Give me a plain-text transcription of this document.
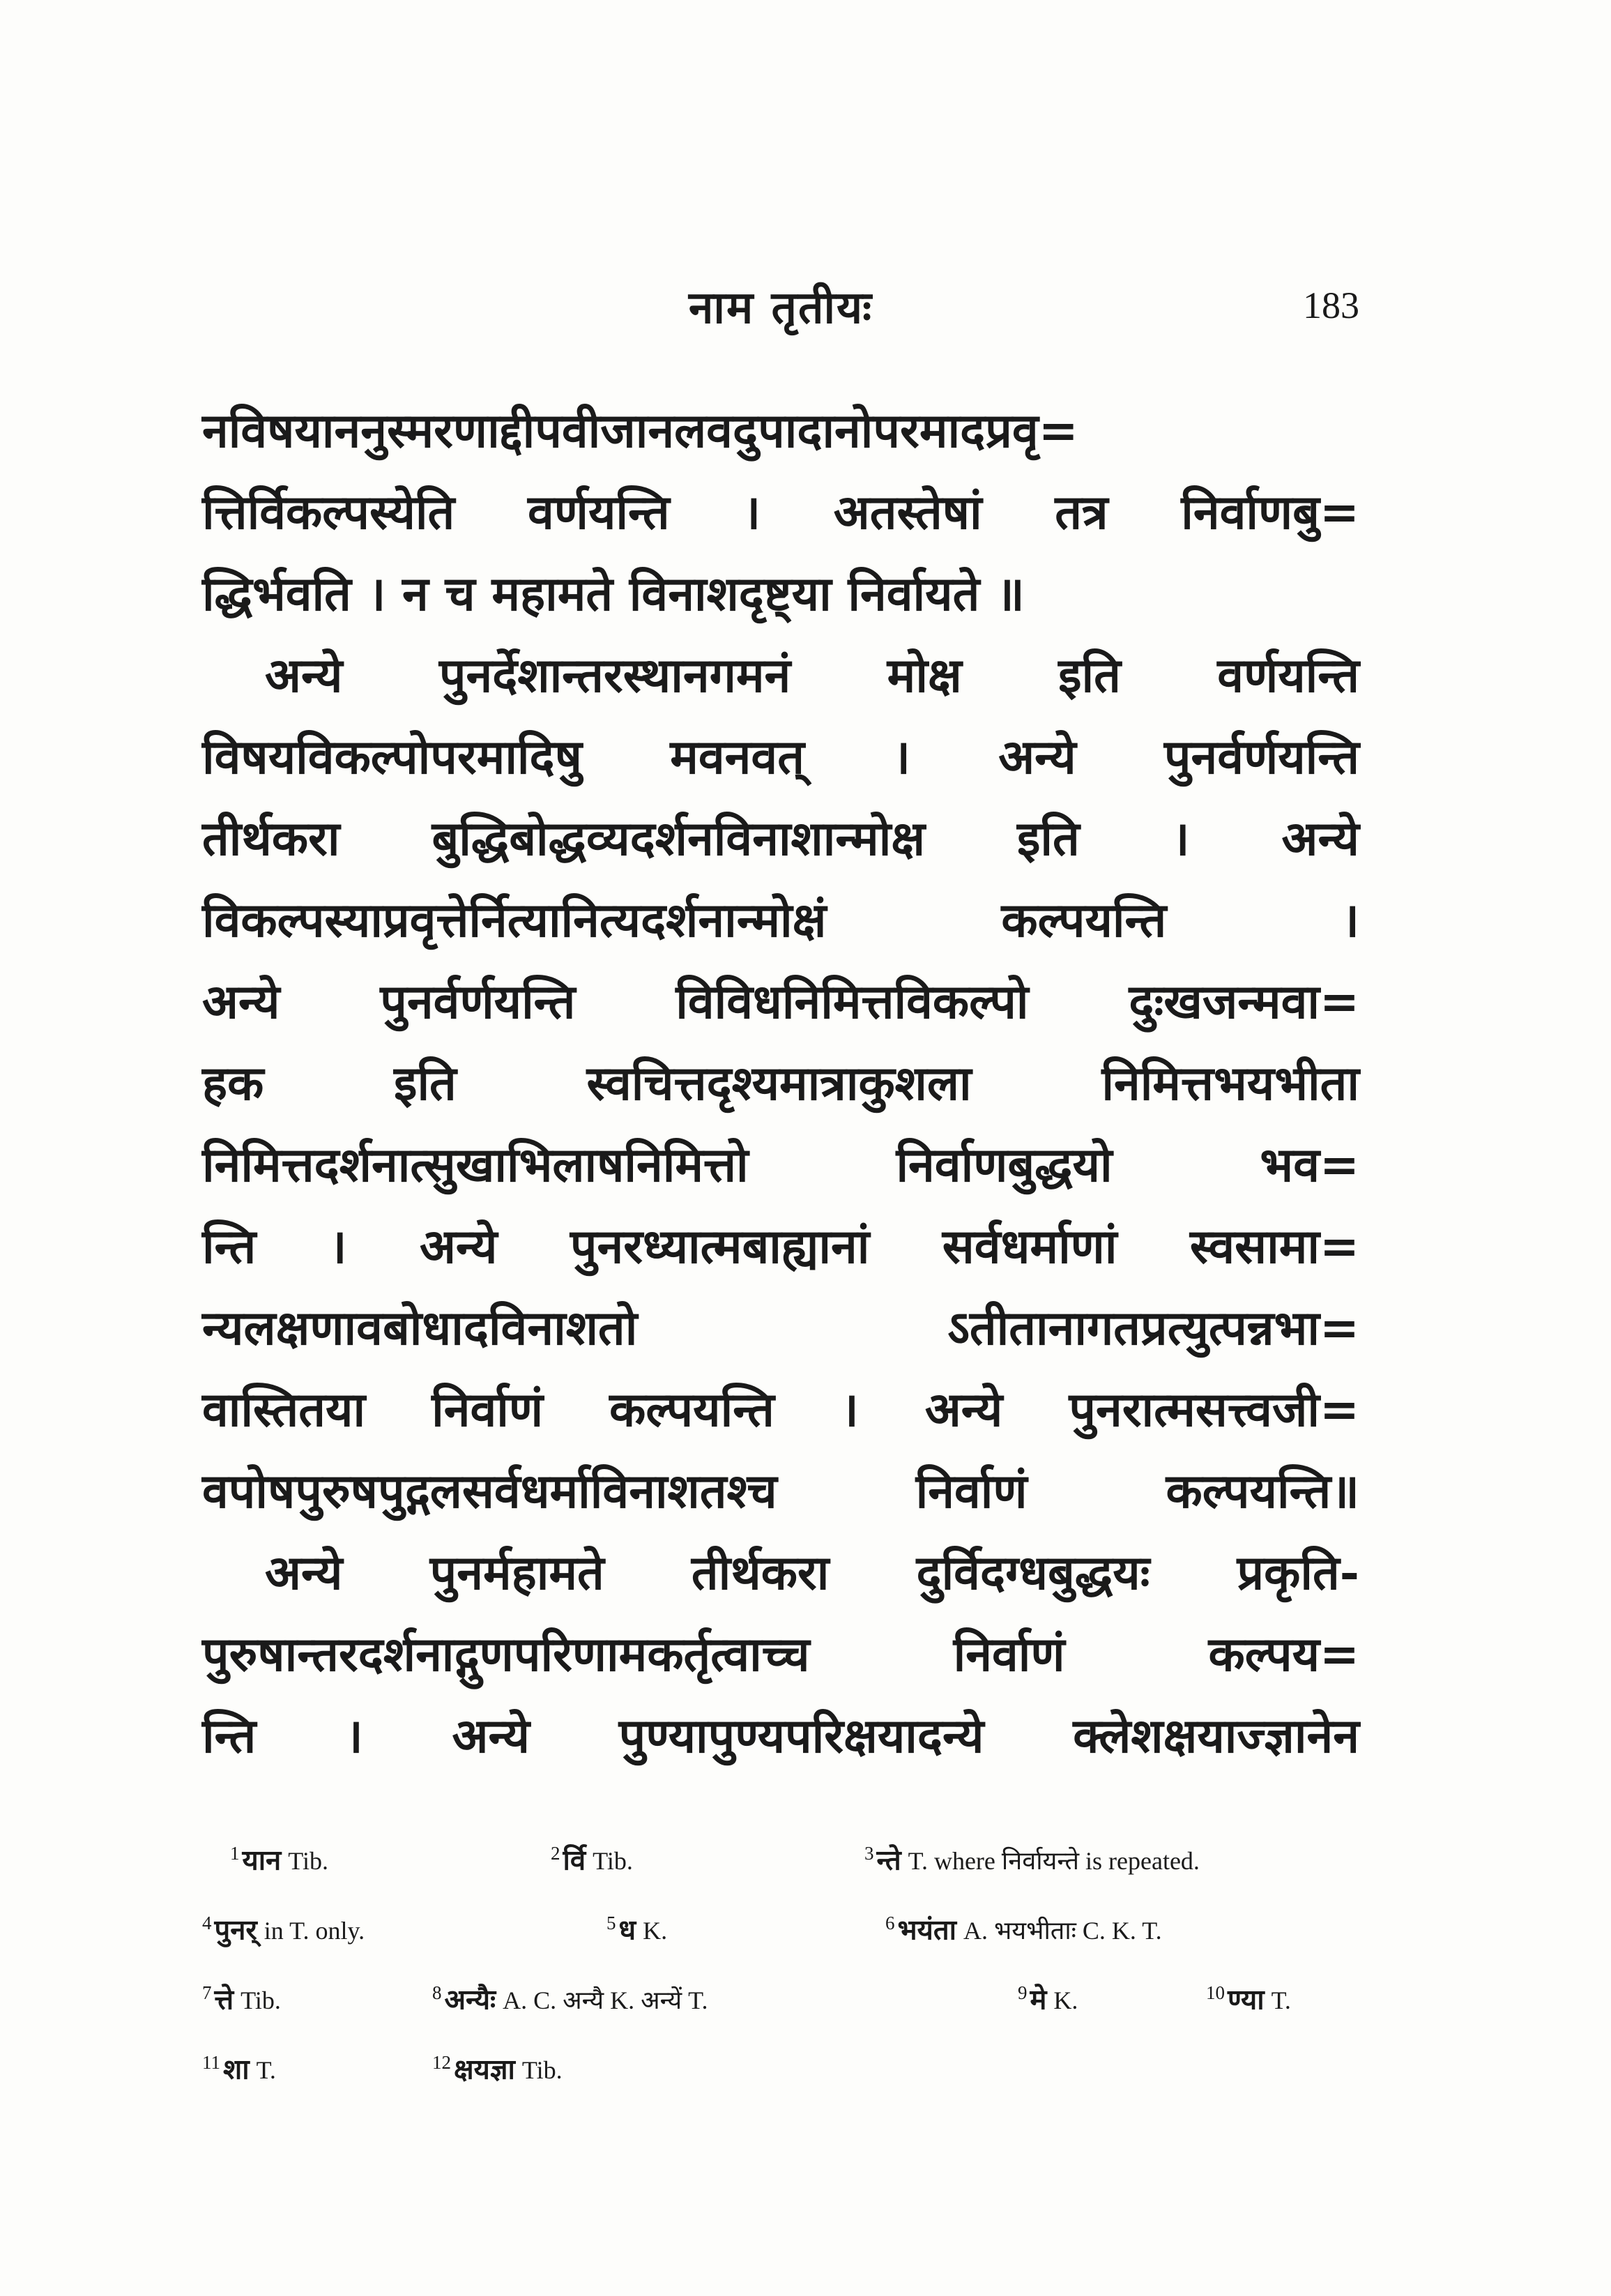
नाम तृतीयः	183
नविषयाननुस्मरणाद्दीपवीजानलवदुपादानोपरमादप्रवृ=
त्तिर्विकल्पस्येति वर्णयन्ति । अतस्तेषां तत्र निर्वाणबु=
द्धिर्भवति । न च महामते विनाशदृष्ट्या निर्वायते ॥
अन्ये पुनर्देशान्तरस्थानगमनं मोक्ष इति वर्णयन्ति
विषयविकल्पोपरमादिषु मवनवत् । अन्ये पुनर्वर्णयन्ति
तीर्थकरा बुद्धिबोद्धव्यदर्शनविनाशान्मोक्ष इति । अन्ये
विकल्पस्याप्रवृत्तेर्नित्यानित्यदर्शनान्मोक्षं कल्पयन्ति ।
अन्ये पुनर्वर्णयन्ति विविधनिमित्तविकल्पो दुःखजन्मवा=
हक इति स्वचित्तदृश्यमात्राकुशला निमित्तभयभीता
निमित्तदर्शनात्सुखाभिलाषनिमित्तो निर्वाणबुद्धयो भव=
न्ति । अन्ये पुनरध्यात्मबाह्यानां सर्वधर्माणां स्वसामा=
न्यलक्षणावबोधादविनाशतो ऽतीतानागतप्रत्युत्पन्नभा=
वास्तितया निर्वाणं कल्पयन्ति । अन्ये पुनरात्मसत्त्वजी=
वपोषपुरुषपुद्गलसर्वधर्माविनाशतश्च निर्वाणं कल्पयन्ति॥
अन्ये पुनर्महामते तीर्थकरा दुर्विदग्धबुद्धयः प्रकृति-
पुरुषान्तरदर्शनाद्गुणपरिणामकर्तृत्वाच्च निर्वाणं कल्पय=
न्ति । अन्ये पुण्यापुण्यपरिक्षयादन्ये क्लेशक्षयाज्ज्ञानेन
$^1$ यान Tib.	$^2$ र्वि Tib.	$^3$ न्ते T. where निर्वायन्ते is repeated.
$^4$ पुनर् in T. only.	$^5$ ध K.	$^6$ भयंता A. भयभीताः C. K. T.
$^7$ त्ते Tib.	$^8$ अन्यैः A. C. अन्यै K. अन्यें T.	$^9$ मे K.	$^{10}$ ण्या T.
$^{11}$ शा T.	$^{12}$ क्षयज्ञा Tib.
